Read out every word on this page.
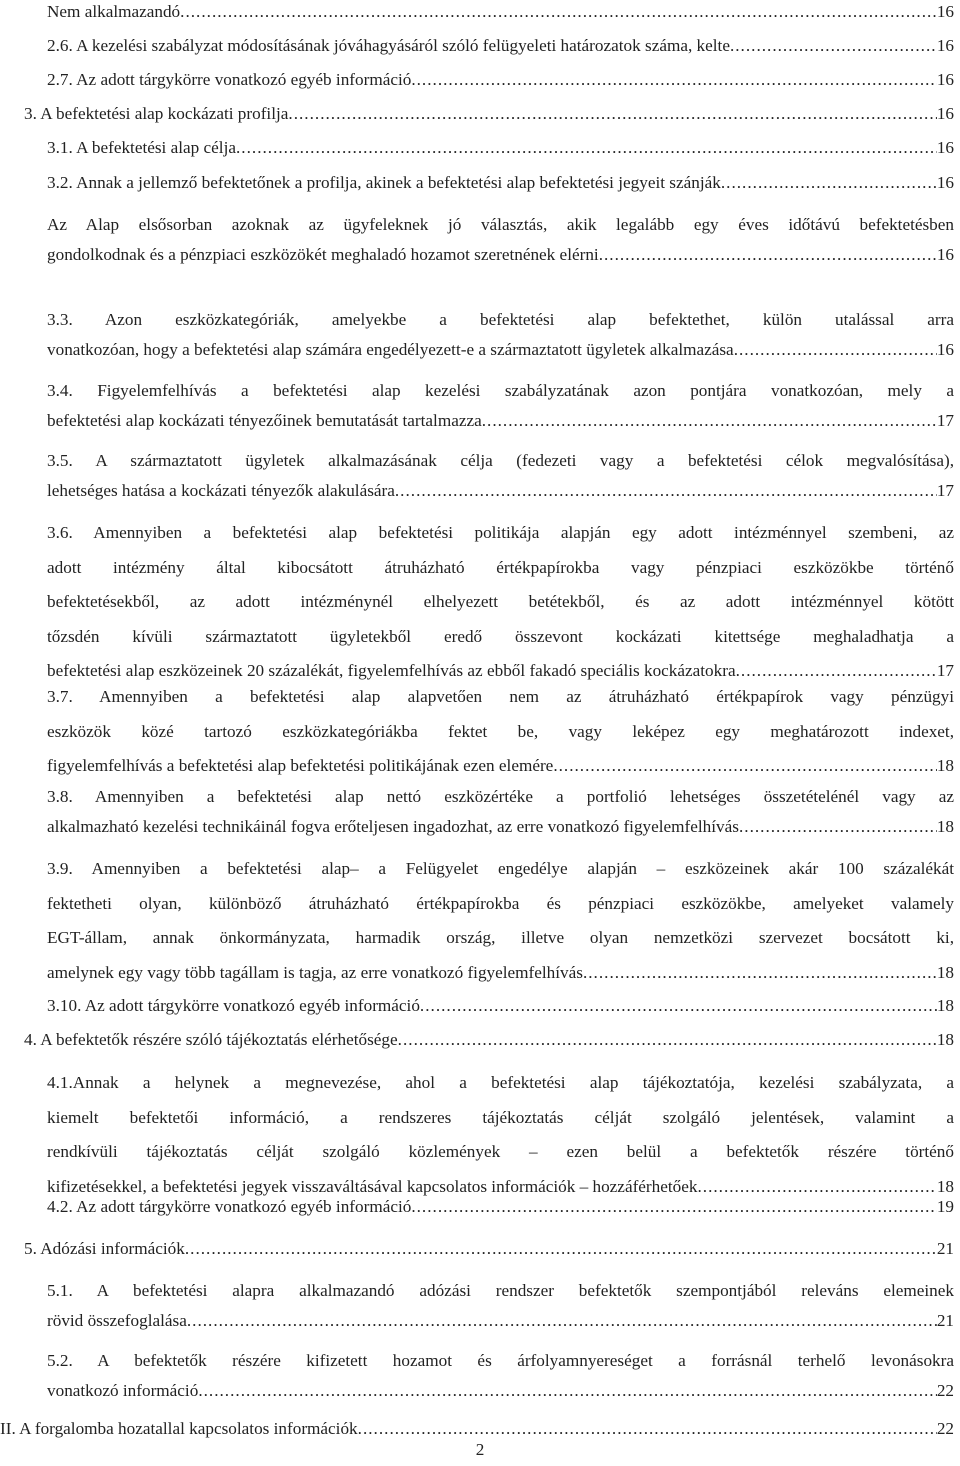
Nem alkalmazandó .....	16
2.6. A kezelési szabályzat módosításának jóváhagyásáról szóló felügyeleti határozatok száma, kelte .....	16
2.7. Az adott tárgykörre vonatkozó egyéb információ .....	16
3. A befektetési alap kockázati profilja .....	16
3.1. A befektetési alap célja .....	16
3.2. Annak a jellemző befektetőnek a profilja, akinek a befektetési alap befektetési jegyeit szánják .....	16
Az Alap elsősorban azoknak az ügyfeleknek jó választás, akik legalább egy éves időtávú befektetésben
gondolkodnak és a pénzpiaci eszközökét meghaladó hozamot szeretnének elérni .....	16
3.3. Azon eszközkategóriák, amelyekbe a befektetési alap befektethet, külön utalással arra
vonatkozóan, hogy a befektetési alap számára engedélyezett-e a származtatott ügyletek alkalmazása .....	16
3.4. Figyelemfelhívás a befektetési alap kezelési szabályzatának azon pontjára vonatkozóan, mely a
befektetési alap kockázati tényezőinek bemutatását tartalmazza .....	17
3.5. A származtatott ügyletek alkalmazásának célja (fedezeti vagy a befektetési célok megvalósítása),
lehetséges hatása a kockázati tényezők alakulására .....	17
3.6. Amennyiben a befektetési alap befektetési politikája alapján egy adott intézménnyel szembeni, az
adott intézmény által kibocsátott átruházható értékpapírokba vagy pénzpiaci eszközökbe történő
befektetésekből, az adott intézménynél elhelyezett betétekből, és az adott intézménnyel kötött
tőzsdén kívüli származtatott ügyletekből eredő összevont kockázati kitettsége meghaladhatja a
befektetési alap eszközeinek 20 százalékát, figyelemfelhívás az ebből fakadó speciális kockázatokra .....	17
3.7. Amennyiben a befektetési alap alapvetően nem az átruházható értékpapírok vagy pénzügyi
eszközök közé tartozó eszközkategóriákba fektet be, vagy leképez egy meghatározott indexet,
figyelemfelhívás a befektetési alap befektetési politikájának ezen elemére .....	18
3.8. Amennyiben a befektetési alap nettó eszközértéke a portfolió lehetséges összetételénél vagy az
alkalmazható kezelési technikáinál fogva erőteljesen ingadozhat, az erre vonatkozó figyelemfelhívás .....	18
3.9. Amennyiben a befektetési alap– a Felügyelet engedélye alapján – eszközeinek akár 100 százalékát
fektetheti olyan, különböző átruházható értékpapírokba és pénzpiaci eszközökbe, amelyeket valamely
EGT-állam, annak önkormányzata, harmadik ország, illetve olyan nemzetközi szervezet bocsátott ki,
amelynek egy vagy több tagállam is tagja, az erre vonatkozó figyelemfelhívás .....	18
3.10. Az adott tárgykörre vonatkozó egyéb információ .....	18
4. A befektetők részére szóló tájékoztatás elérhetősége .....	18
4.1.Annak a helynek a megnevezése, ahol a befektetési alap tájékoztatója, kezelési szabályzata, a
kiemelt befektetői információ, a rendszeres tájékoztatás célját szolgáló jelentések, valamint a
rendkívüli tájékoztatás célját szolgáló közlemények – ezen belül a befektetők részére történő
kifizetésekkel, a befektetési jegyek visszaváltásával kapcsolatos információk – hozzáférhetőek .....	18
4.2. Az adott tárgykörre vonatkozó egyéb információ .....	19
5. Adózási információk .....	21
5.1. A befektetési alapra alkalmazandó adózási rendszer befektetők szempontjából releváns elemeinek
rövid összefoglalása .....	21
5.2. A befektetők részére kifizetett hozamot és árfolyamnyereséget a forrásnál terhelő levonásokra
vonatkozó információ .....	22
II. A forgalomba hozatallal kapcsolatos információk .....	22
2
